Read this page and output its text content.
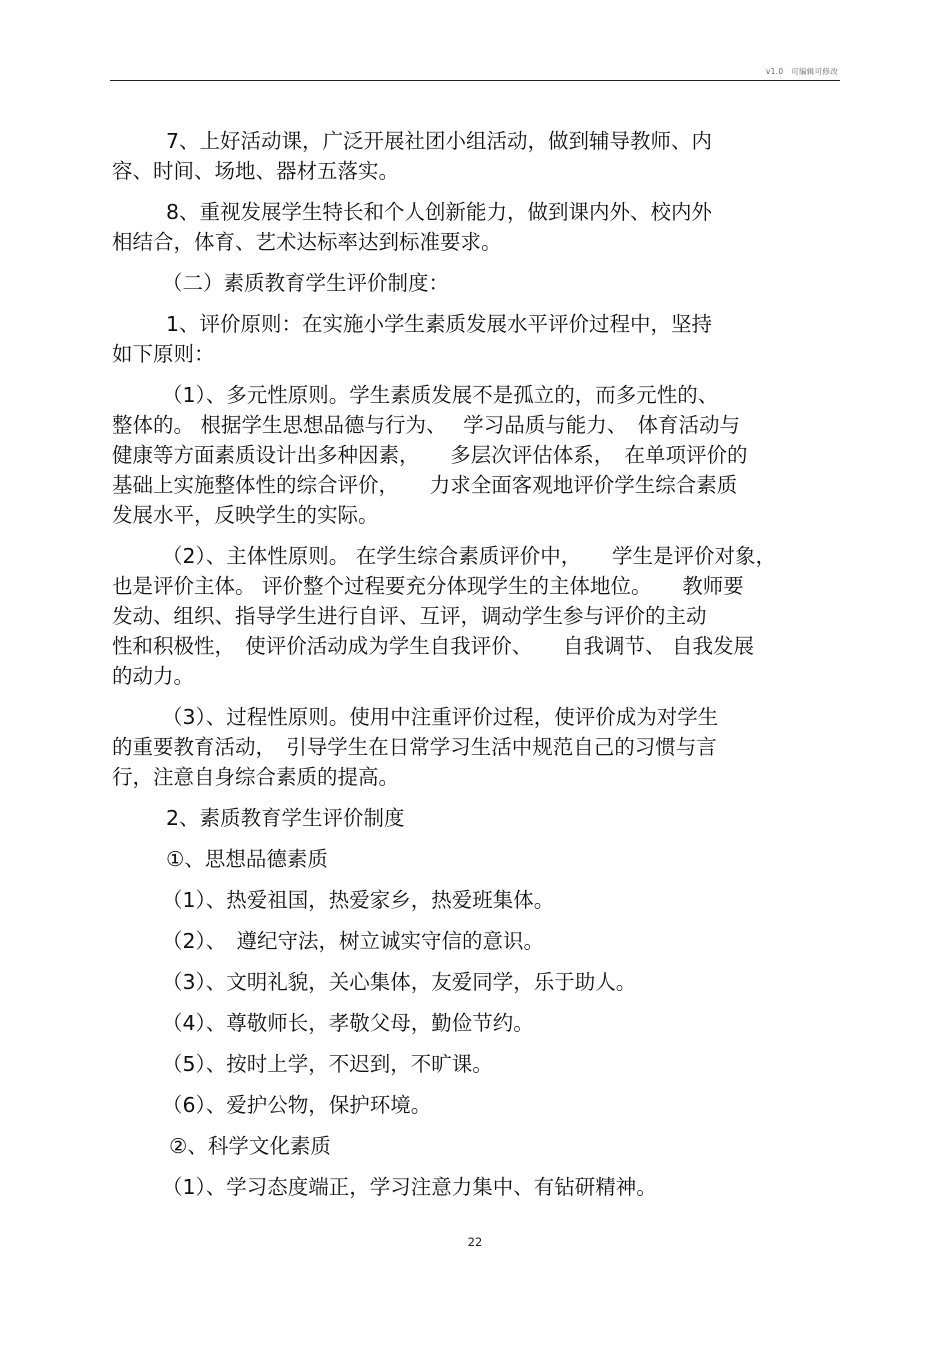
v1.0　可编辑可修改
7、上好活动课，广泛开展社团小组活动，做到辅导教师、内
容、时间、场地、器材五落实。
8、重视发展学生特长和个人创新能力，做到课内外、校内外
相结合，体育、艺术达标率达到标准要求。
（二）素质教育学生评价制度：
1、评价原则：在实施小学生素质发展水平评价过程中，坚持
如下原则：
（1）、多元性原则。学生素质发展不是孤立的，而多元性的、
整体的。 根据学生思想品德与行为、　 学习品质与能力、　体育活动与
健康等方面素质设计出多种因素，　　多层次评估体系，　在单项评价的
基础上实施整体性的综合评价，　　力求全面客观地评价学生综合素质
发展水平，反映学生的实际。
（2）、主体性原则。 在学生综合素质评价中，　　学生是评价对象，
也是评价主体。 评价整个过程要充分体现学生的主体地位。　　教师要
发动、组织、指导学生进行自评、互评，调动学生参与评价的主动
性和积极性，　使评价活动成为学生自我评价、　　自我调节、 自我发展
的动力。
（3）、过程性原则。使用中注重评价过程，使评价成为对学生
的重要教育活动，　引导学生在日常学习生活中规范自己的习惯与言
行，注意自身综合素质的提高。
2、素质教育学生评价制度
①、思想品德素质
（1）、热爱祖国，热爱家乡，热爱班集体。
（2）、　遵纪守法，树立诚实守信的意识。
（3）、文明礼貌，关心集体，友爱同学，乐于助人。
（4）、尊敬师长，孝敬父母，勤俭节约。
（5）、按时上学，不迟到，不旷课。
（6）、爱护公物，保护环境。
②、科学文化素质
（1）、学习态度端正，学习注意力集中、有钻研精神。
22
